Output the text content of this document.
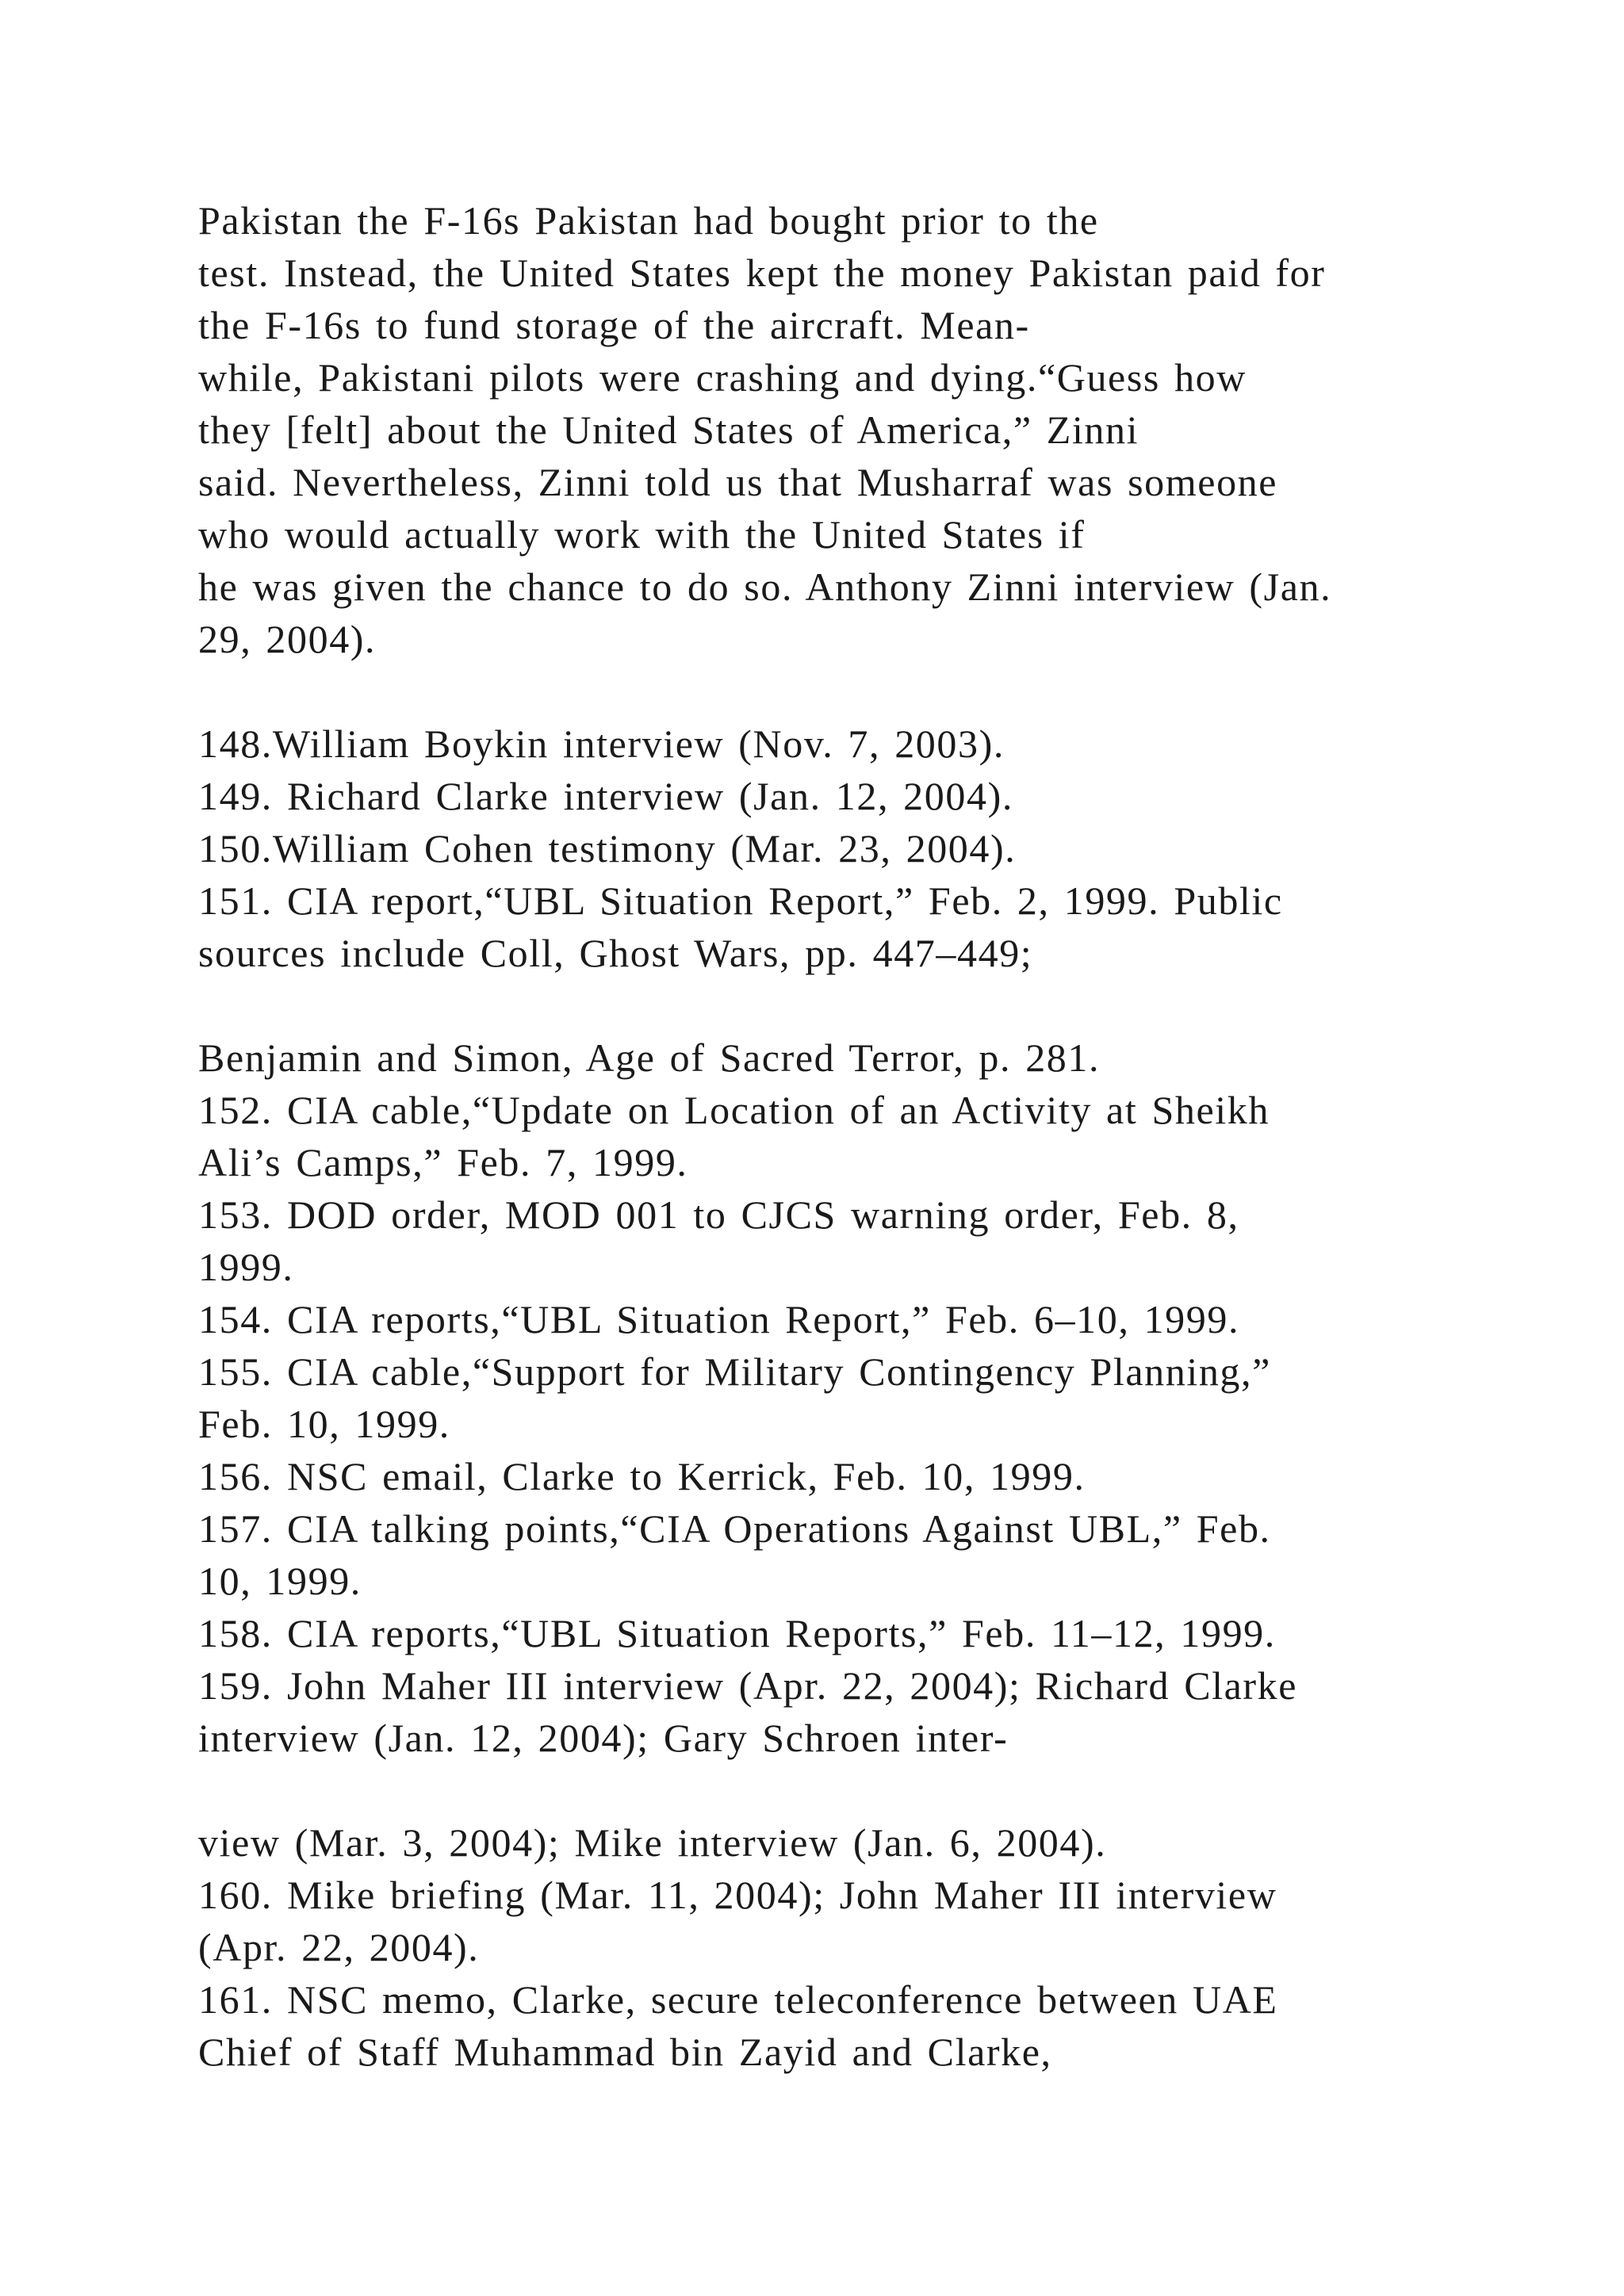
Pakistan the F-16s Pakistan had bought prior to the
test. Instead, the United States kept the money Pakistan paid for
the F-16s to fund storage of the aircraft. Mean-
while, Pakistani pilots were crashing and dying.“Guess how
they [felt] about the United States of America,” Zinni
said. Nevertheless, Zinni told us that Musharraf was someone
who would actually work with the United States if
he was given the chance to do so. Anthony Zinni interview (Jan.
29, 2004).
148.William Boykin interview (Nov. 7, 2003).
149. Richard Clarke interview (Jan. 12, 2004).
150.William Cohen testimony (Mar. 23, 2004).
151. CIA report,“UBL Situation Report,” Feb. 2, 1999. Public
sources include Coll, Ghost Wars, pp. 447–449;
Benjamin and Simon, Age of Sacred Terror, p. 281.
152. CIA cable,“Update on Location of an Activity at Sheikh
Ali’s Camps,” Feb. 7, 1999.
153. DOD order, MOD 001 to CJCS warning order, Feb. 8,
1999.
154. CIA reports,“UBL Situation Report,” Feb. 6–10, 1999.
155. CIA cable,“Support for Military Contingency Planning,”
Feb. 10, 1999.
156. NSC email, Clarke to Kerrick, Feb. 10, 1999.
157. CIA talking points,“CIA Operations Against UBL,” Feb.
10, 1999.
158. CIA reports,“UBL Situation Reports,” Feb. 11–12, 1999.
159. John Maher III interview (Apr. 22, 2004); Richard Clarke
interview (Jan. 12, 2004); Gary Schroen inter-
view (Mar. 3, 2004); Mike interview (Jan. 6, 2004).
160. Mike briefing (Mar. 11, 2004); John Maher III interview
(Apr. 22, 2004).
161. NSC memo, Clarke, secure teleconference between UAE
Chief of Staff Muhammad bin Zayid and Clarke,
